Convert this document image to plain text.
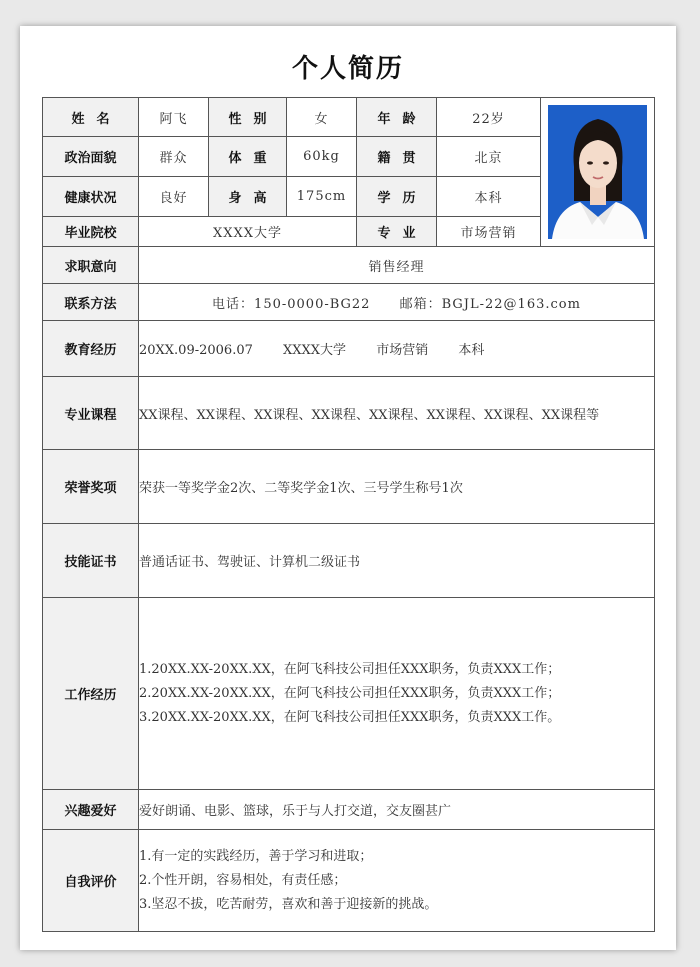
个人简历
姓名	阿飞	性别	女	年龄	22岁	

政治面貌	群众	体重	60kg	籍贯	北京	
健康状况	良好	身高	175cm	学历	本科	
毕业院校	XXXX大学			专业	市场营销	
求职意向	销售经理					
联系方法	电话：150-0000-BG22 邮箱：BGJL-22@163.com					
教育经历	20XX.09-2006.07 XXXX大学 市场营销 本科					
专业课程	XX课程、XX课程、XX课程、XX课程、XX课程、XX课程、XX课程、XX课程等					
荣誉奖项	荣获一等奖学金2次、二等奖学金1次、三号学生称号1次					
技能证书	普通话证书、驾驶证、计算机二级证书					
工作经历	1.20XX.XX-20XX.XX，在阿飞科技公司担任XXX职务，负责XXX工作；
2.20XX.XX-20XX.XX，在阿飞科技公司担任XXX职务，负责XXX工作；
3.20XX.XX-20XX.XX，在阿飞科技公司担任XXX职务，负责XXX工作。					

兴趣爱好	爱好朗诵、电影、篮球，乐于与人打交道，交友圈甚广					
自我评价	1.有一定的实践经历，善于学习和进取；
2.个性开朗，容易相处，有责任感；
3.坚忍不拔，吃苦耐劳，喜欢和善于迎接新的挑战。					
